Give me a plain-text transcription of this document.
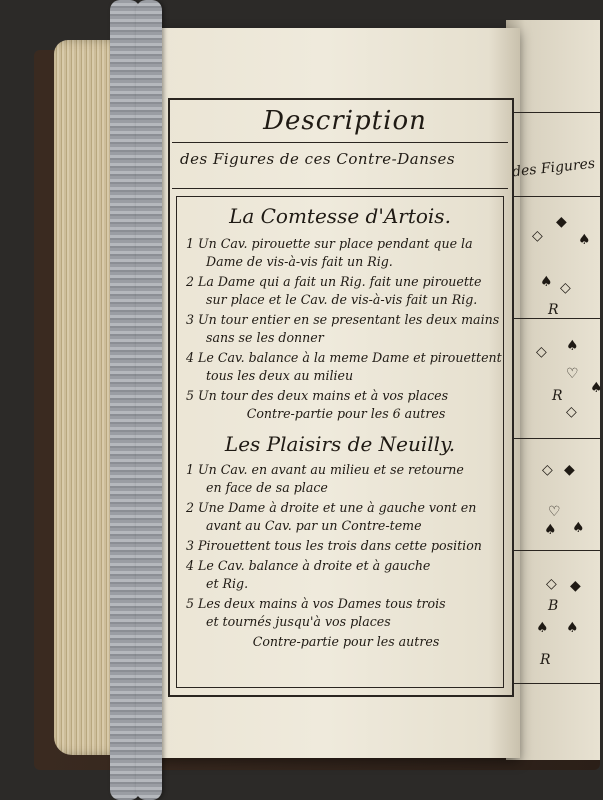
Description
des Figures de ces Contre-Danses
La Comtesse d'Artois.
1 Un Cav. pirouette sur place pendant que la
Dame de vis-à-vis fait un Rig.
2 La Dame qui a fait un Rig. fait une pirouette
sur place et le Cav. de vis-à-vis fait un Rig.
3 Un tour entier en se presentant les deux mains
sans se les donner
4 Le Cav. balance à la meme Dame et pirouettent
tous les deux au milieu
5 Un tour des deux mains et à vos places
Contre-partie pour les 6 autres
Les Plaisirs de Neuilly.
1 Un Cav. en avant au milieu et se retourne
en face de sa place
2 Une Dame à droite et une à gauche vont en
avant au Cav. par un Contre-teme
3 Pirouettent tous les trois dans cette position
4 Le Cav. balance à droite et à gauche
et Rig.
5 Les deux mains à vos Dames tous trois
et tournés jusqu'à vos places
Contre-partie pour les autres
des Figures
◇
◆
♠
♠ ◇
R
◇ ♠
♡
♠
◇
R
◇ ◆
♡
♠
♠
◇ ◆
B
♠ ♠
R
